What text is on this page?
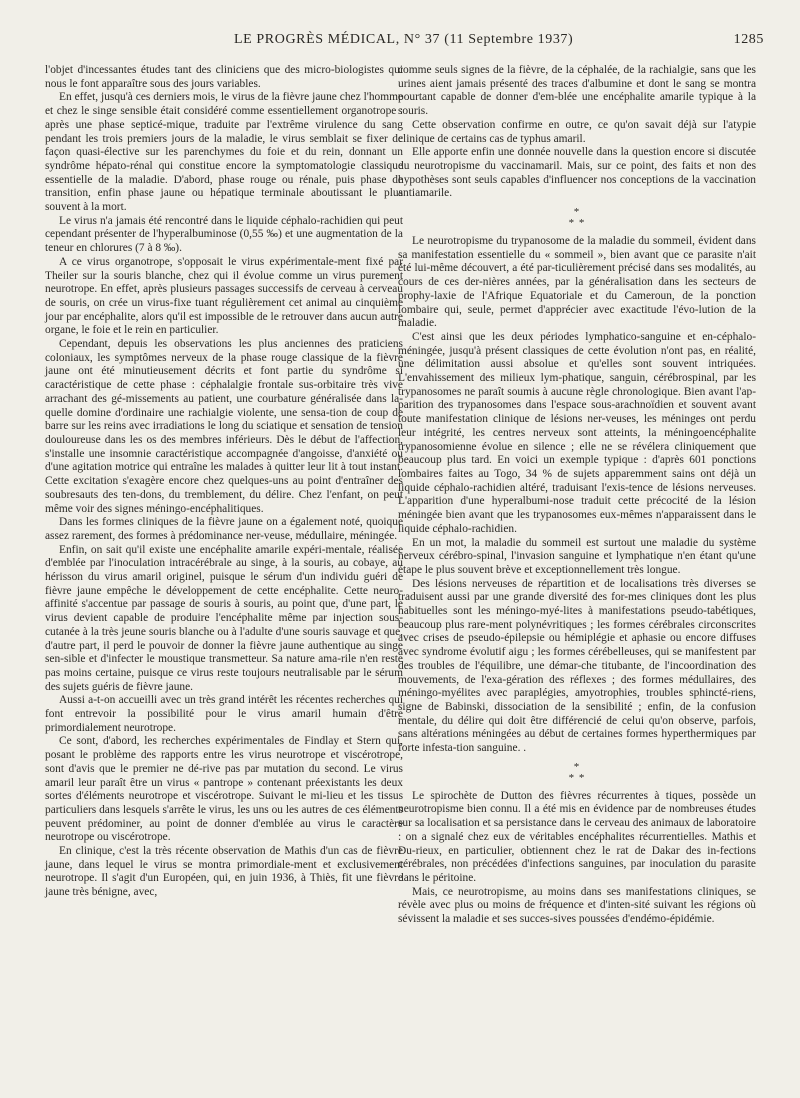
LE PROGRÈS MÉDICAL, N° 37 (11 Septembre 1937)	1285

l'objet d'incessantes études tant des cliniciens que des micro-biologistes qui nous le font apparaître sous des jours variables.

En effet, jusqu'à ces derniers mois, le virus de la fièvre jaune chez l'homme et chez le singe sensible était considéré comme essentiellement organotrope : après une phase septicé-mique, traduite par l'extrême virulence du sang pendant les trois premiers jours de la maladie, le virus semblait se fixer de façon quasi-élective sur les parenchymes du foie et du rein, donnant un syndrôme hépato-rénal qui constitue encore la symptomatologie classique essentielle de la maladie. D'abord, phase rouge ou rénale, puis phase de transition, enfin phase jaune ou hépatique terminale aboutissant le plus souvent à la mort.

Le virus n'a jamais été rencontré dans le liquide céphalo-rachidien qui peut cependant présenter de l'hyperalbuminose (0,55 ‰) et une augmentation de la teneur en chlorures (7 à 8 ‰).

A ce virus organotrope, s'opposait le virus expérimentale-ment fixé par Theiler sur la souris blanche, chez qui il évolue comme un virus purement neurotrope. En effet, après plusieurs passages successifs de cerveau à cerveau de souris, on crée un virus-fixe tuant régulièrement cet animal au cinquième jour par encéphalite, alors qu'il est impossible de le retrouver dans aucun autre organe, le foie et le rein en particulier.

Cependant, depuis les observations les plus anciennes des praticiens coloniaux, les symptômes nerveux de la phase rouge classique de la fièvre jaune ont été minutieusement décrits et font partie du syndrôme si caractéristique de cette phase : céphalalgie frontale sus-orbitaire très vive arrachant des gé-missements au patient, une courbature généralisée dans la-quelle domine d'ordinaire une rachialgie violente, une sensa-tion de coup de barre sur les reins avec irradiations le long du sciatique et sensation de tension douloureuse dans les os des membres inférieurs. Dès le début de l'affection, s'installe une insomnie caractéristique accompagnée d'angoisse, d'anxiété ou d'une agitation motrice qui entraîne les malades à quitter leur lit à tout instant. Cette excitation s'exagère encore chez quelques-uns au point d'entraîner des soubresauts des ten-dons, du tremblement, du délire. Chez l'enfant, on peut même voir des signes méningo-encéphalitiques.

Dans les formes cliniques de la fièvre jaune on a également noté, quoique assez rarement, des formes à prédominance ner-veuse, médullaire, méningée.

Enfin, on sait qu'il existe une encéphalite amarile expéri-mentale, réalisée d'emblée par l'inoculation intracérébrale au singe, à la souris, au cobaye, au hérisson du virus amaril originel, puisque le sérum d'un individu guéri de fièvre jaune empêche le développement de cette encéphalite. Cette neuro-affinité s'accentue par passage de souris à souris, au point que, d'une part, le virus devient capable de produire l'encéphalite même par injection sous-cutanée à la très jeune souris blanche ou à l'adulte d'une souris sauvage et que, d'autre part, il perd le pouvoir de donner la fièvre jaune authentique au singe sen-sible et d'infecter le moustique transmetteur. Sa nature ama-rile n'en reste pas moins certaine, puisque ce virus reste toujours neutralisable par le sérum des sujets guéris de fièvre jaune.

Aussi a-t-on accueilli avec un très grand intérêt les récentes recherches qui font entrevoir la possibilité pour le virus amaril humain d'être primordialement neurotrope.

Ce sont, d'abord, les recherches expérimentales de Findlay et Stern qui, posant le problème des rapports entre les virus neurotrope et viscérotrope, sont d'avis que le premier ne dé-rive pas par mutation du second. Le virus amaril leur paraît être un virus « pantrope » contenant préexistants les deux sortes d'éléments neurotrope et viscérotrope. Suivant le mi-lieu et les tissus particuliers dans lesquels s'arrête le virus, les uns ou les autres de ces éléments peuvent prédominer, au point de donner d'emblée au virus le caractère neurotrope ou viscérotrope.

En clinique, c'est la très récente observation de Mathis d'un cas de fièvre jaune, dans lequel le virus se montra primordiale-ment et exclusivement neurotrope. Il s'agit d'un Européen, qui, en juin 1936, à Thiès, fit une fièvre jaune très bénigne, avec,

comme seuls signes de la fièvre, de la céphalée, de la rachialgie, sans que les urines aient jamais présenté des traces d'albumine et dont le sang se montra pourtant capable de donner d'em-blée une encéphalite amarile typique à la souris.

Cette observation confirme en outre, ce qu'on savait déjà sur l'atypie clinique de certains cas de typhus amaril.

Elle apporte enfin une donnée nouvelle dans la question encore si discutée du neurotropisme du vaccinamaril. Mais, sur ce point, des faits et non des hypothèses sont seuls capables d'influencer nos conceptions de la vaccination antiamarile.

*
* *

Le neurotropisme du trypanosome de la maladie du sommeil, évident dans sa manifestation essentielle du « sommeil », bien avant que ce parasite n'ait été lui-même découvert, a été par-ticulièrement précisé dans ses modalités, au cours de ces der-nières années, par la généralisation dans les secteurs de prophy-laxie de l'Afrique Equatoriale et du Cameroun, de la ponction lombaire qui, seule, permet d'apprécier avec exactitude l'évo-lution de la maladie.

C'est ainsi que les deux périodes lymphatico-sanguine et en-céphalo-méningée, jusqu'à présent classiques de cette évolution n'ont pas, en réalité, une délimitation aussi absolue et qu'elles sont souvent intriquées. L'envahissement des milieux lym-phatique, sanguin, cérébrospinal, par les trypanosomes ne paraît soumis à aucune règle chronologique. Bien avant l'ap-parition des trypanosomes dans l'espace sous-arachnoïdien et souvent avant toute manifestation clinique de lésions ner-veuses, les méninges ont perdu leur intégrité, les centres nerveux sont atteints, la méningoencéphalite trypanosomienne évolue en silence ; elle ne se révélera cliniquement que beaucoup plus tard. En voici un exemple typique : d'après 601 ponctions lombaires faites au Togo, 34 % de sujets apparemment sains ont déjà un liquide céphalo-rachidien altéré, traduisant l'exis-tence de lésions nerveuses. L'apparition d'une hyperalbumi-nose traduit cette précocité de la lésion méningée bien avant que les trypanosomes eux-mêmes n'apparaissent dans le liquide céphalo-rachidien.

En un mot, la maladie du sommeil est surtout une maladie du système nerveux cérébro-spinal, l'invasion sanguine et lymphatique n'en étant qu'une étape le plus souvent brève et exceptionnellement très longue.

Des lésions nerveuses de répartition et de localisations très diverses se traduisent aussi par une grande diversité des for-mes cliniques dont les plus habituelles sont les méningo-myé-lites à manifestations pseudo-tabétiques, beaucoup plus rare-ment polynévritiques ; les formes cérébrales circonscrites avec crises de pseudo-épilepsie ou hémiplégie et aphasie ou encore diffuses avec syndrome évolutif aigu ; les formes cérébelleuses, qui se manifestent par des troubles de l'équilibre, une démar-che titubante, de l'incoordination des mouvements, de l'exa-gération des réflexes ; des formes médullaires, des méningo-myélites avec paraplégies, amyotrophies, troubles sphincté-riens, signe de Babinski, dissociation de la sensibilité ; enfin, de la confusion mentale, du délire qui doit être différencié de celui qu'on observe, parfois, sans altérations méningées au début de certaines formes hyperthermiques par forte infesta-tion sanguine. .

*
* *

Le spirochète de Dutton des fièvres récurrentes à tiques, possède un neurotropisme bien connu. Il a été mis en évidence par de nombreuses études sur sa localisation et sa persistance dans le cerveau des animaux de laboratoire : on a signalé chez eux de véritables encéphalites récurrentielles. Mathis et Du-rieux, en particulier, obtiennent chez le rat de Dakar des in-fections cérébrales, non précédées d'infections sanguines, par inoculation du parasite dans le péritoine.

Mais, ce neurotropisme, au moins dans ses manifestations cliniques, se révèle avec plus ou moins de fréquence et d'inten-sité suivant les régions où sévissent la maladie et ses succes-sives poussées d'endémo-épidémie.
